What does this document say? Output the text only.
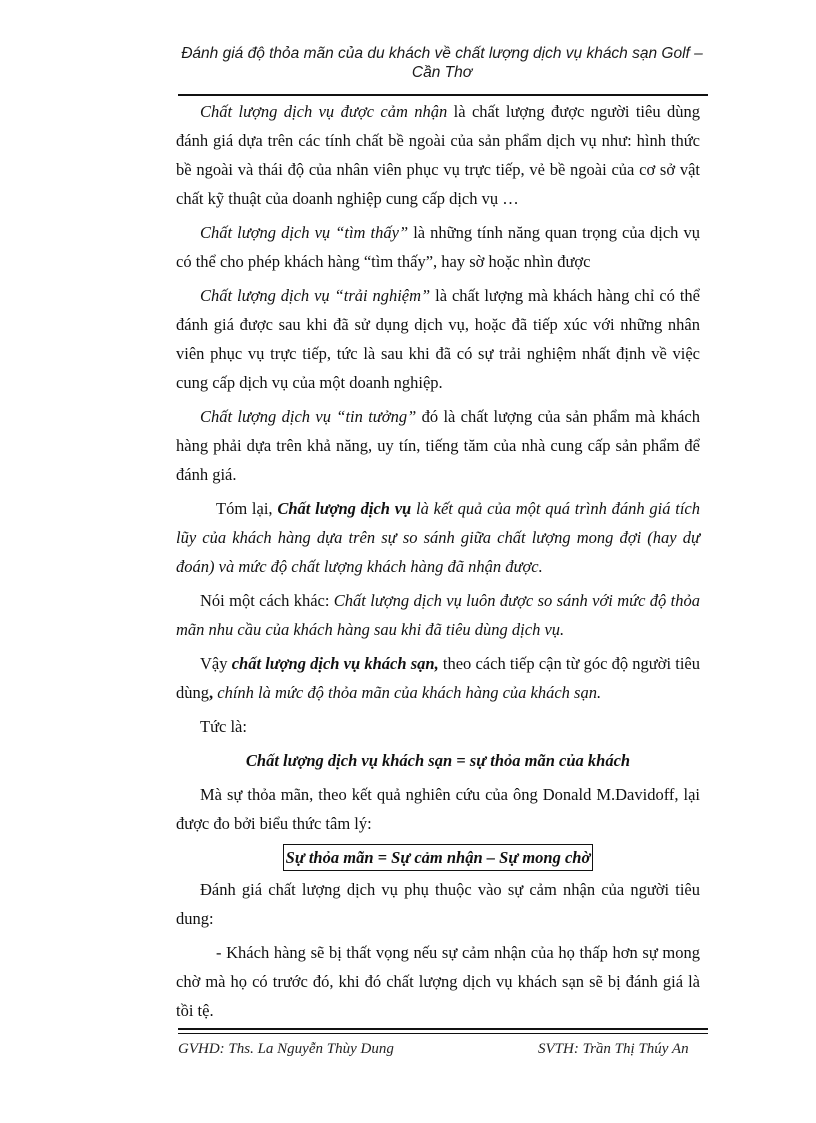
Đánh giá độ thỏa mãn của du khách về chất lượng dịch vụ khách sạn Golf –
Cần Thơ

Chất lượng dịch vụ được cảm nhận là chất lượng được người tiêu dùng đánh giá dựa trên các tính chất bề ngoài của sản phẩm dịch vụ như: hình thức bề ngoài và thái độ của nhân viên phục vụ trực tiếp, vẻ bề ngoài của cơ sở vật chất kỹ thuật của doanh nghiệp cung cấp dịch vụ …

Chất lượng dịch vụ “tìm thấy” là những tính năng quan trọng của dịch vụ có thể cho phép khách hàng “tìm thấy”, hay sờ hoặc nhìn được

Chất lượng dịch vụ “trải nghiệm” là chất lượng mà khách hàng chỉ có thể đánh giá được sau khi đã sử dụng dịch vụ, hoặc đã tiếp xúc với những nhân viên phục vụ trực tiếp, tức là sau khi đã có sự trải nghiệm nhất định về việc cung cấp dịch vụ của một doanh nghiệp.

Chất lượng dịch vụ “tin tưởng” đó là chất lượng của sản phẩm mà khách hàng phải dựa trên khả năng, uy tín, tiếng tăm của nhà cung cấp sản phẩm để đánh giá.

Tóm lại, Chất lượng dịch vụ là kết quả của một quá trình đánh giá tích lũy của khách hàng dựa trên sự so sánh giữa chất lượng mong đợi (hay dự đoán) và mức độ chất lượng khách hàng đã nhận được.

Nói một cách khác: Chất lượng dịch vụ luôn được so sánh với mức độ thỏa mãn nhu cầu của khách hàng sau khi đã tiêu dùng dịch vụ.

Vậy chất lượng dịch vụ khách sạn, theo cách tiếp cận từ góc độ người tiêu dùng, chính là mức độ thỏa mãn của khách hàng của khách sạn.

Tức là:

Chất lượng dịch vụ khách sạn = sự thỏa mãn của khách

Mà sự thỏa mãn, theo kết quả nghiên cứu của ông Donald M.Davidoff, lại được đo bởi biểu thức tâm lý:

Sự thỏa mãn = Sự cảm nhận – Sự mong chờ

Đánh giá chất lượng dịch vụ phụ thuộc vào sự cảm nhận của người tiêu dung:

- Khách hàng sẽ bị thất vọng nếu sự cảm nhận của họ thấp hơn sự mong chờ mà họ có trước đó, khi đó chất lượng dịch vụ khách sạn sẽ bị đánh giá là tồi tệ.

GVHD: Ths. La Nguyễn Thùy Dung	SVTH: Trần Thị Thúy An
